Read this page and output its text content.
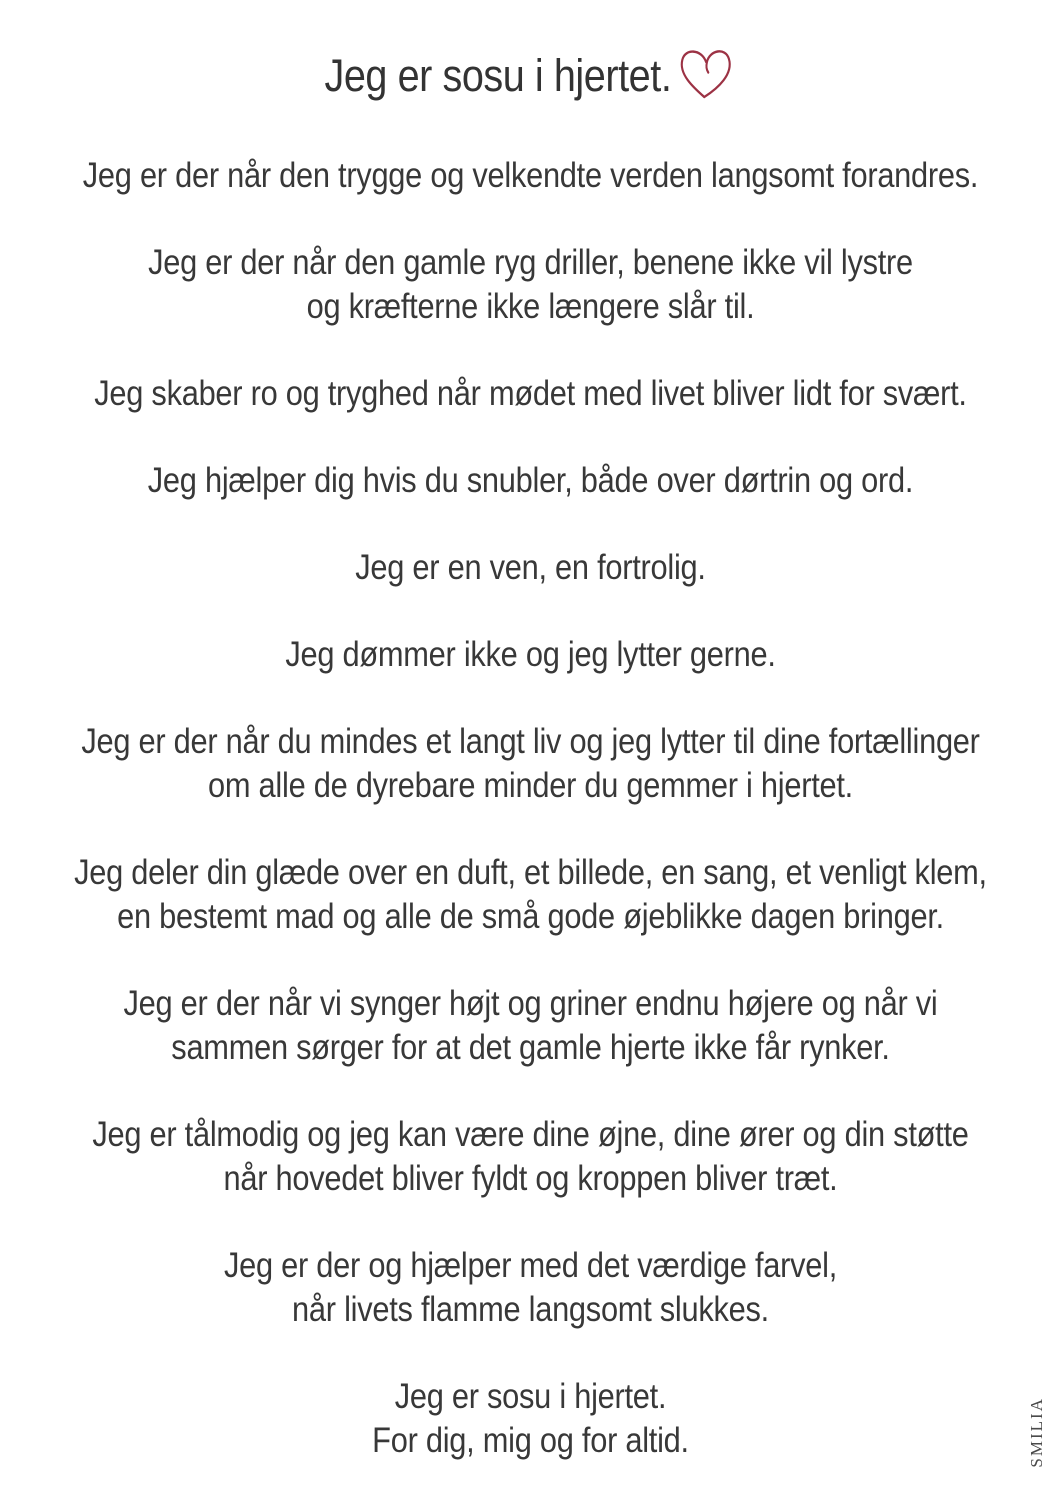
Jeg er sosu i hjertet.
Jeg er der når den trygge og velkendte verden langsomt forandres.
Jeg er der når den gamle ryg driller, benene ikke vil lystre
og kræfterne ikke længere slår til.
Jeg skaber ro og tryghed når mødet med livet bliver lidt for svært.
Jeg hjælper dig hvis du snubler, både over dørtrin og ord.
Jeg er en ven, en fortrolig.
Jeg dømmer ikke og jeg lytter gerne.
Jeg er der når du mindes et langt liv og jeg lytter til dine fortællinger
om alle de dyrebare minder du gemmer i hjertet.
Jeg deler din glæde over en duft, et billede, en sang, et venligt klem,
en bestemt mad og alle de små gode øjeblikke dagen bringer.
Jeg er der når vi synger højt og griner endnu højere og når vi
sammen sørger for at det gamle hjerte ikke får rynker.
Jeg er tålmodig og jeg kan være dine øjne, dine ører og din støtte
når hovedet bliver fyldt og kroppen bliver træt.
Jeg er der og hjælper med det værdige farvel,
når livets flamme langsomt slukkes.
Jeg er sosu i hjertet.
For dig, mig og for altid.	SMILIA
